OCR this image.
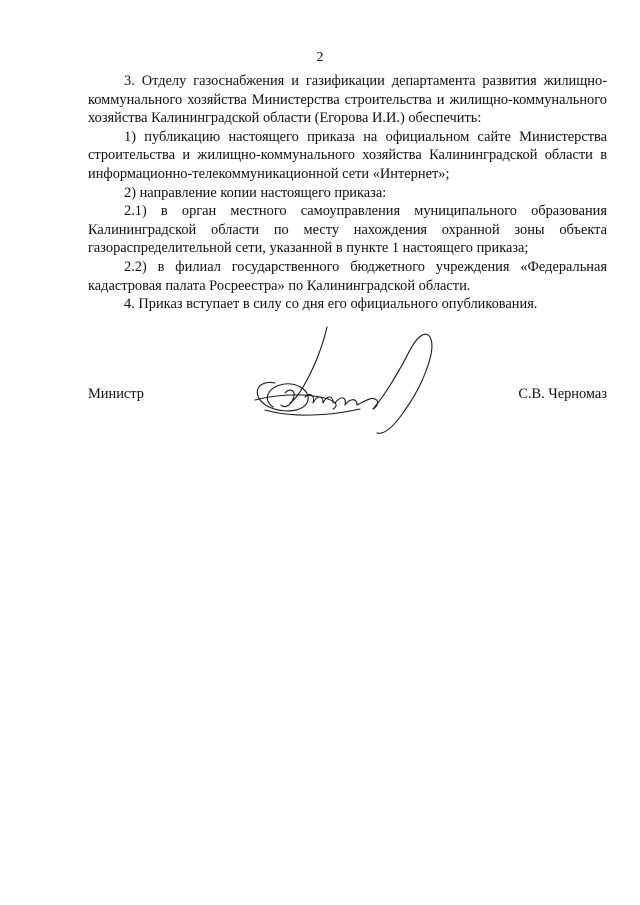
2

3. Отделу газоснабжения и газификации департамента развития жилищно-коммунального хозяйства Министерства строительства и жилищно-коммунального хозяйства Калининградской области (Егорова И.И.) обеспечить:

1) публикацию настоящего приказа на официальном сайте Министерства строительства и жилищно-коммунального хозяйства Калининградской области в информационно-телекоммуникационной сети «Интернет»;

2) направление копии настоящего приказа:

2.1) в орган местного самоуправления муниципального образования Калининградской области по месту нахождения охранной зоны объекта газораспределительной сети, указанной в пункте 1 настоящего приказа;

2.2) в филиал государственного бюджетного учреждения «Федеральная кадастровая палата Росреестра» по Калининградской области.

4. Приказ вступает в силу со дня его официального опубликования.

Министр	С.В. Черномаз
